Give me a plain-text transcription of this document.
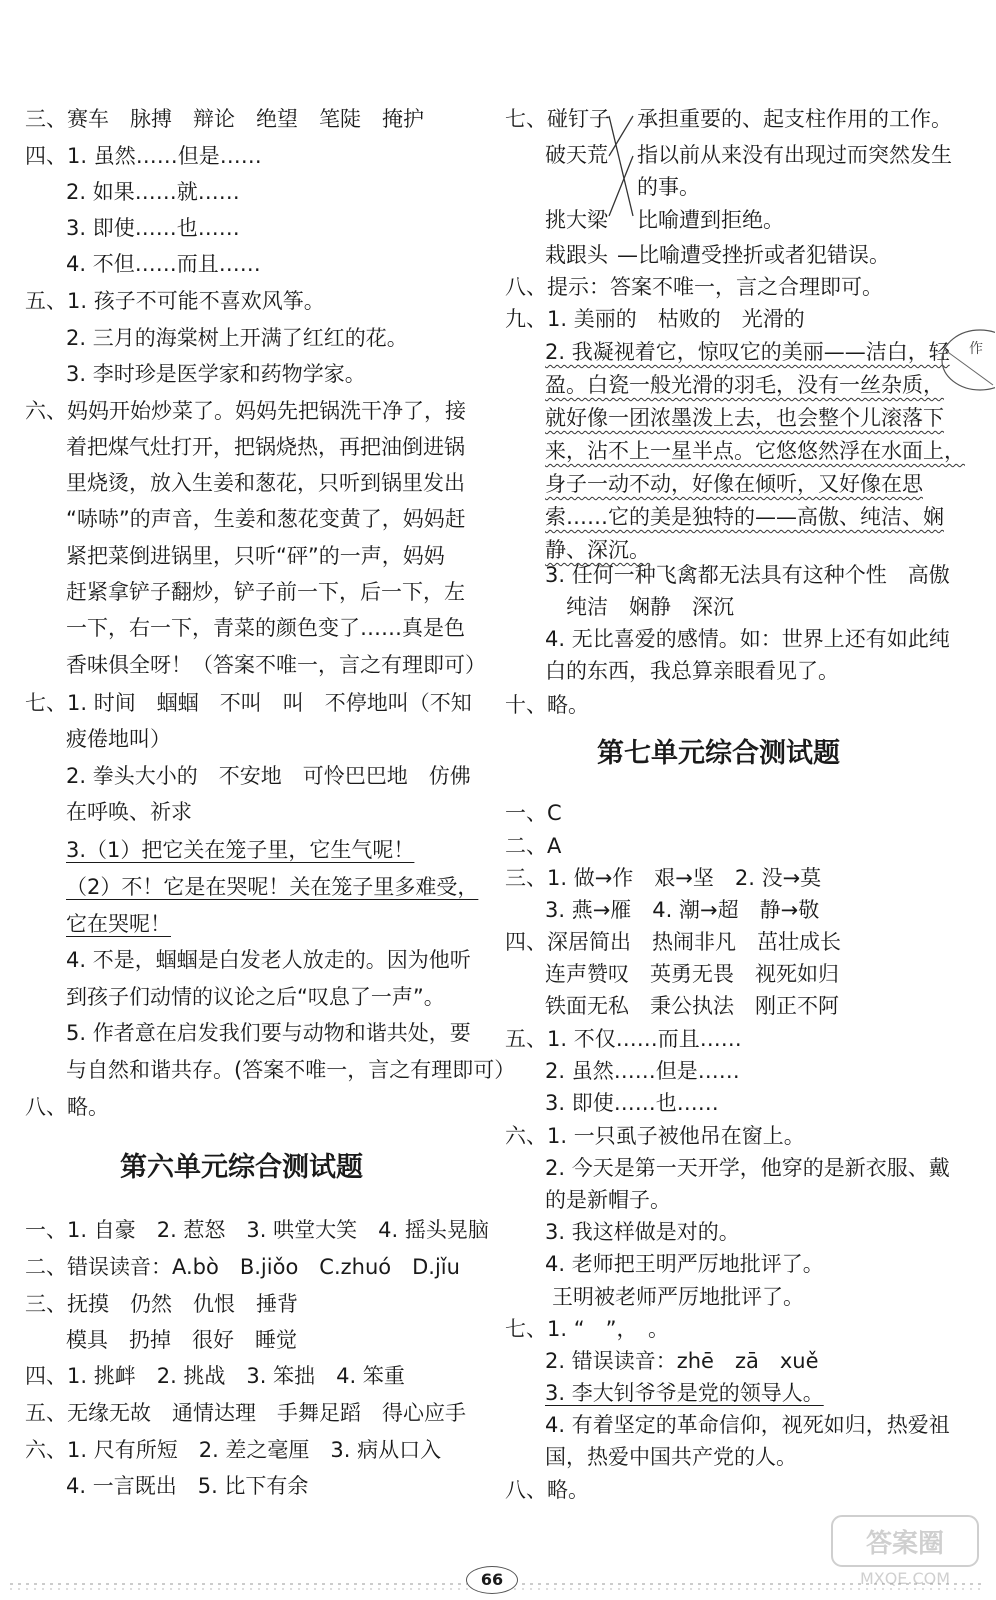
三、赛车　脉搏　辩论　绝望　笔陡　掩护
四、1. 虽然……但是……
2. 如果……就……
3. 即使……也……
4. 不但……而且……
五、1. 孩子不可能不喜欢风筝。
2. 三月的海棠树上开满了红红的花。
3. 李时珍是医学家和药物学家。
六、妈妈开始炒菜了。妈妈先把锅洗干净了，接
着把煤气灶打开，把锅烧热，再把油倒进锅
里烧烫，放入生姜和葱花，只听到锅里发出
“哧哧”的声音，生姜和葱花变黄了，妈妈赶
紧把菜倒进锅里，只听“砰”的一声，妈妈
赶紧拿铲子翻炒，铲子前一下，后一下，左
一下，右一下，青菜的颜色变了……真是色
香味俱全呀！（答案不唯一，言之有理即可）
七、1. 时间　蝈蝈　不叫　叫　不停地叫（不知
疲倦地叫）
2. 拳头大小的　不安地　可怜巴巴地　仿佛
在呼唤、祈求
3.（1）把它关在笼子里，它生气呢！
（2）不！它是在哭呢！关在笼子里多难受，
它在哭呢！
4. 不是，蝈蝈是白发老人放走的。因为他听
到孩子们动情的议论之后“叹息了一声”。
5. 作者意在启发我们要与动物和谐共处，要
与自然和谐共存。(答案不唯一，言之有理即可）
八、略。
第六单元综合测试题
一、1. 自豪　2. 惹怒　3. 哄堂大笑　4. 摇头晃脑
二、错误读音：A.bò　B.jiǒo　C.zhuó　D.jǐu
三、抚摸　仍然　仇恨　捶背
模具　扔掉　很好　睡觉
四、1. 挑衅　2. 挑战　3. 笨拙　4. 笨重
五、无缘无故　通情达理　手舞足蹈　得心应手
六、1. 尺有所短　2. 差之毫厘　3. 病从口入
4. 一言既出　5. 比下有余
七、碰钉子
破天荒
挑大梁
栽跟头
承担重要的、起支柱作用的工作。
指以前从来没有出现过而突然发生
的事。
比喻遭到拒绝。
—比喻遭受挫折或者犯错误。
八、提示：答案不唯一，言之合理即可。
九、1. 美丽的　枯败的　光滑的
2. 我凝视着它，惊叹它的美丽——洁白，轻
盈。白瓷一般光滑的羽毛，没有一丝杂质，
就好像一团浓墨泼上去，也会整个儿滚落下
来，沾不上一星半点。它悠悠然浮在水面上，
身子一动不动，好像在倾听，又好像在思
索……它的美是独特的——高傲、纯洁、娴
静、深沉。
3. 任何一种飞禽都无法具有这种个性　高傲
纯洁　娴静　深沉
4. 无比喜爱的感情。如：世界上还有如此纯
白的东西，我总算亲眼看见了。
十、略。
第七单元综合测试题
一、C
二、A
三、1. 做→作　艰→坚　2. 没→莫
3. 燕→雁　4. 潮→超　静→敬
四、深居简出　热闹非凡　茁壮成长
连声赞叹　英勇无畏　视死如归
铁面无私　秉公执法　刚正不阿
五、1. 不仅……而且……
2. 虽然……但是……
3. 即使……也……
六、1. 一只虱子被他吊在窗上。
2. 今天是第一天开学，他穿的是新衣服、戴
的是新帽子。
3. 我这样做是对的。
4. 老师把王明严厉地批评了。
王明被老师严厉地批评了。
七、1. “　”，　。
2. 错误读音：zhē　zā　xuě
3. 李大钊爷爷是党的领导人。
4. 有着坚定的革命信仰，视死如归，热爱祖
国，热爱中国共产党的人。
八、略。
作
答案圈
MXQE.COM
66
